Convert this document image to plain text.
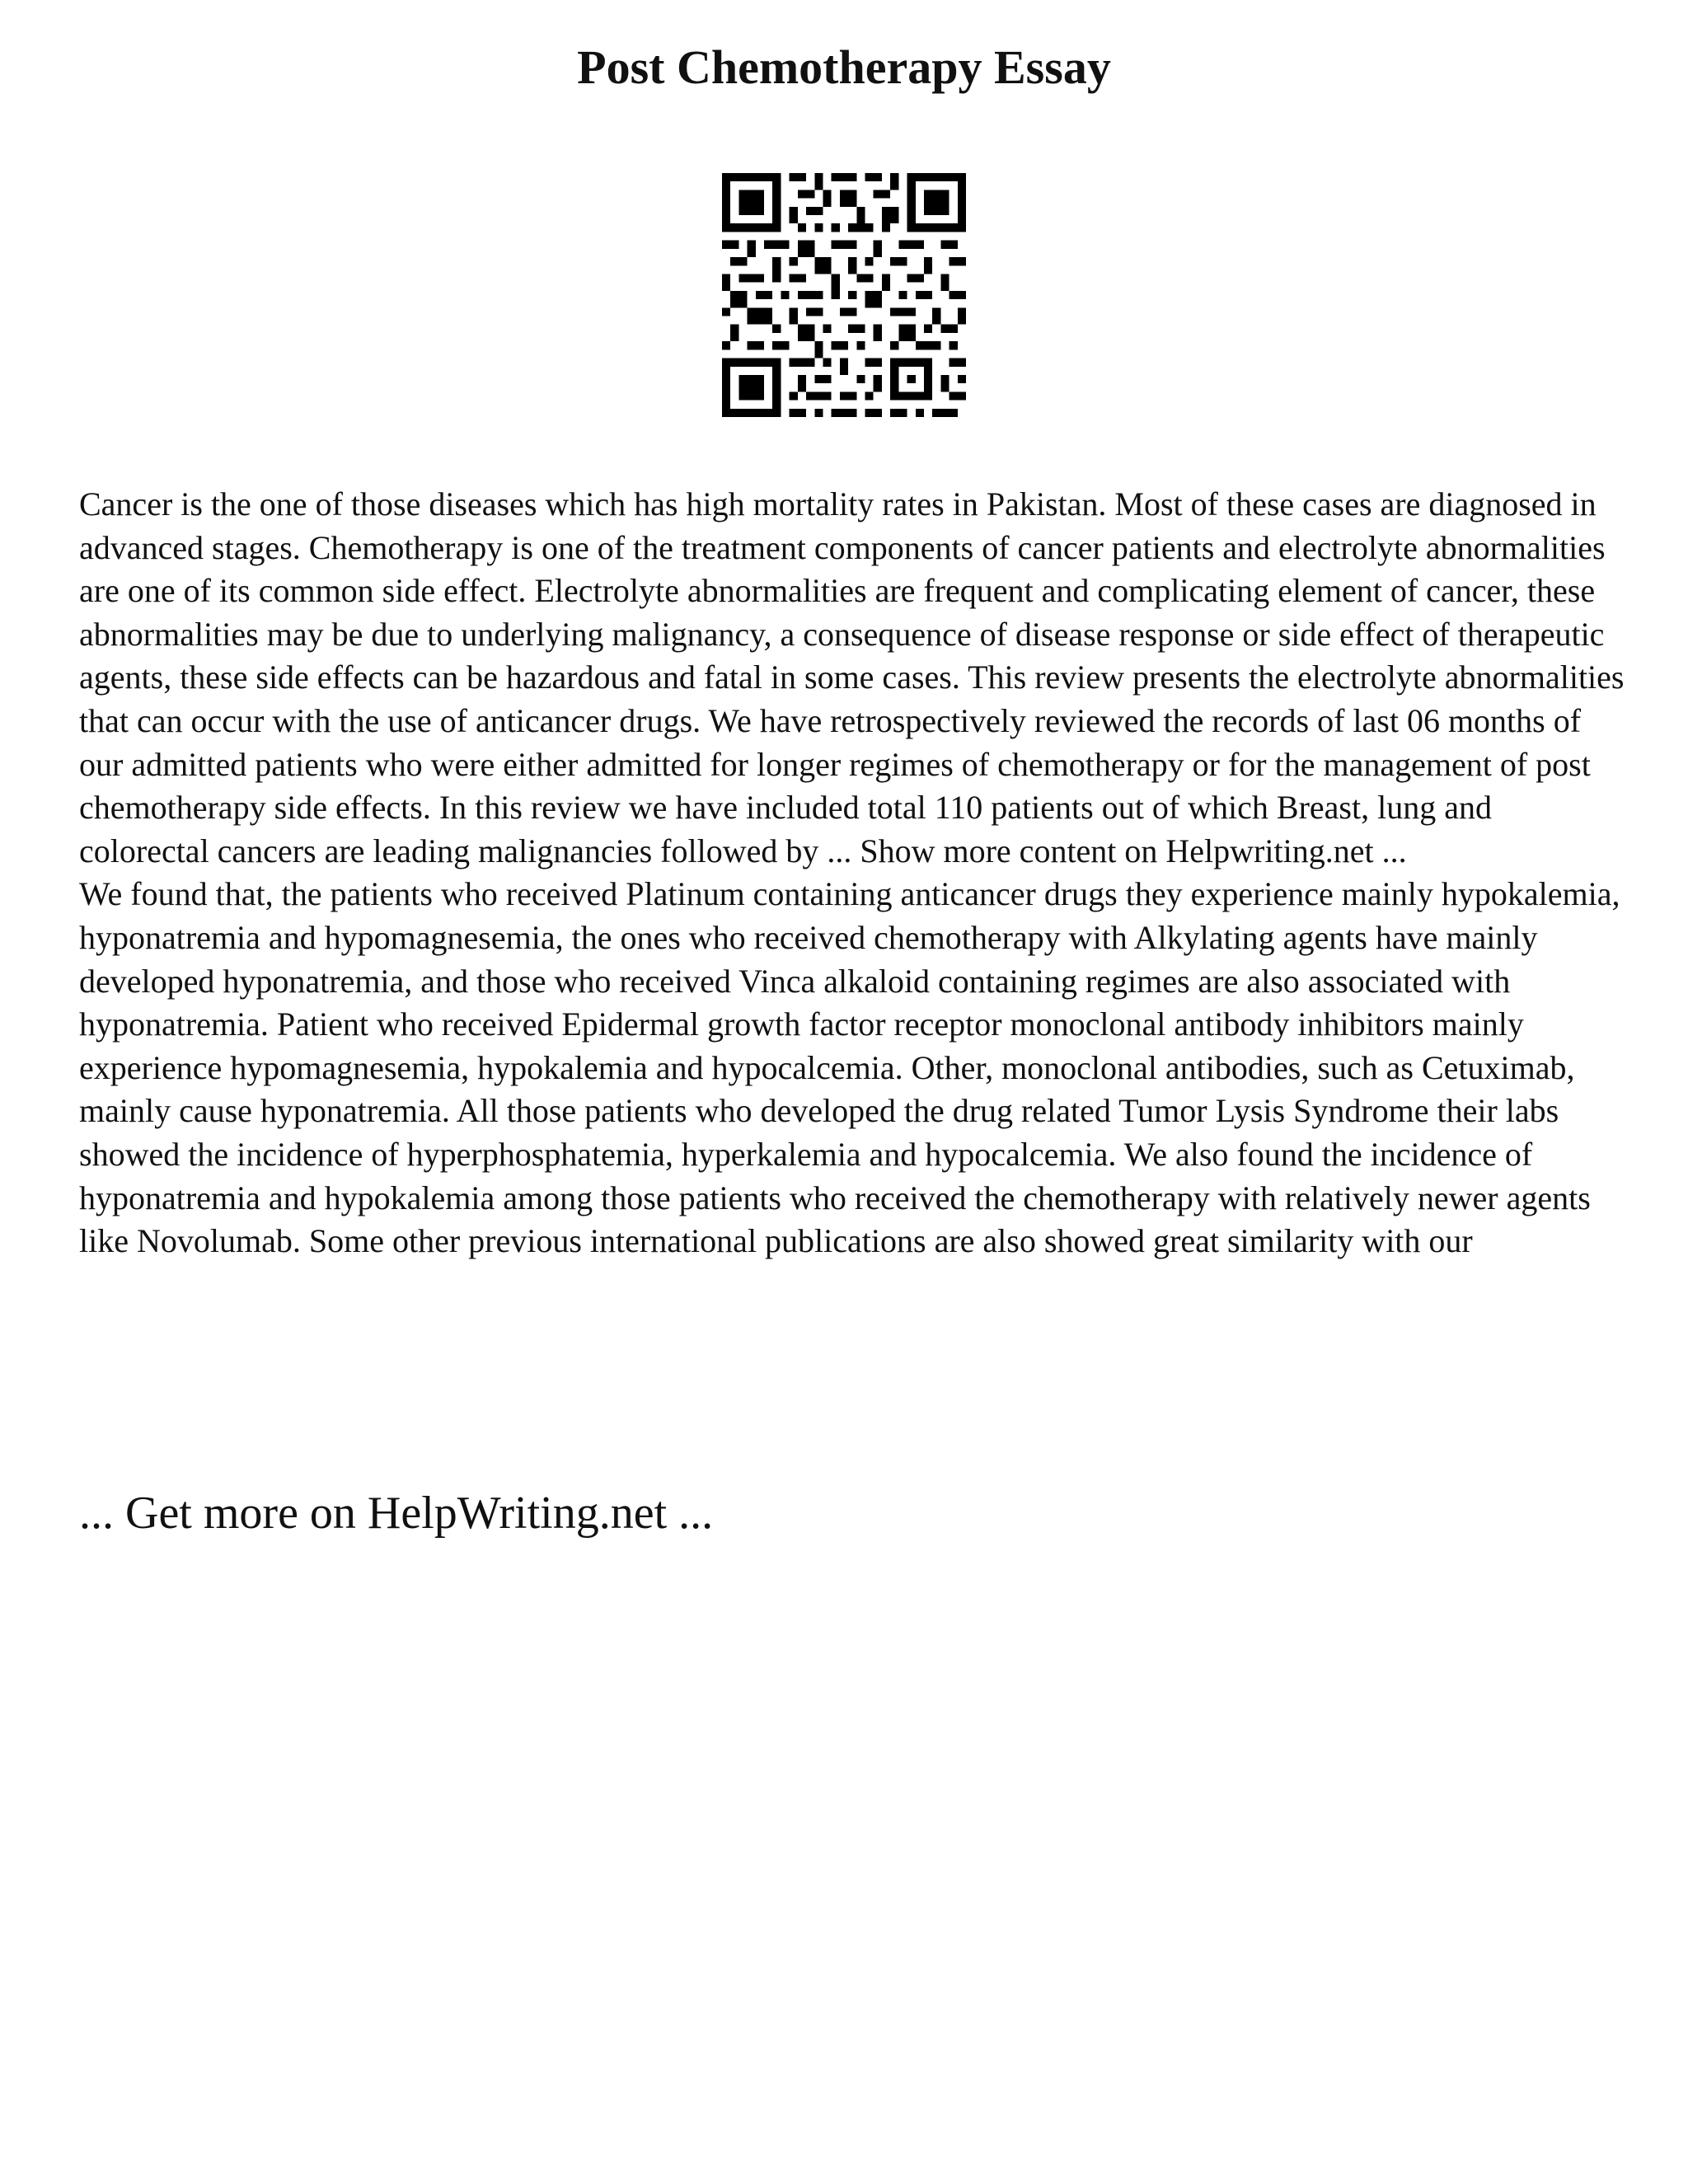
Post Chemotherapy Essay

Cancer is the one of those diseases which has high mortality rates in Pakistan. Most of these cases are diagnosed in advanced stages. Chemotherapy is one of the treatment components of cancer patients and electrolyte abnormalities are one of its common side effect. Electrolyte abnormalities are frequent and complicating element of cancer, these abnormalities may be due to underlying malignancy, a consequence of disease response or side effect of therapeutic agents, these side effects can be hazardous and fatal in some cases. This review presents the electrolyte abnormalities that can occur with the use of anticancer drugs. We have retrospectively reviewed the records of last 06 months of our admitted patients who were either admitted for longer regimes of chemotherapy or for the management of post chemotherapy side effects. In this review we have included total 110 patients out of which Breast, lung and colorectal cancers are leading malignancies followed by ... Show more content on Helpwriting.net ...

We found that, the patients who received Platinum containing anticancer drugs they experience mainly hypokalemia, hyponatremia and hypomagnesemia, the ones who received chemotherapy with Alkylating agents have mainly developed hyponatremia, and those who received Vinca alkaloid containing regimes are also associated with hyponatremia. Patient who received Epidermal growth factor receptor monoclonal antibody inhibitors mainly experience hypomagnesemia, hypokalemia and hypocalcemia. Other, monoclonal antibodies, such as Cetuximab, mainly cause hyponatremia. All those patients who developed the drug related Tumor Lysis Syndrome their labs showed the incidence of hyperphosphatemia, hyperkalemia and hypocalcemia. We also found the incidence of hyponatremia and hypokalemia among those patients who received the chemotherapy with relatively newer agents like Novolumab. Some other previous international publications are also showed great similarity with our

... Get more on HelpWriting.net ...
